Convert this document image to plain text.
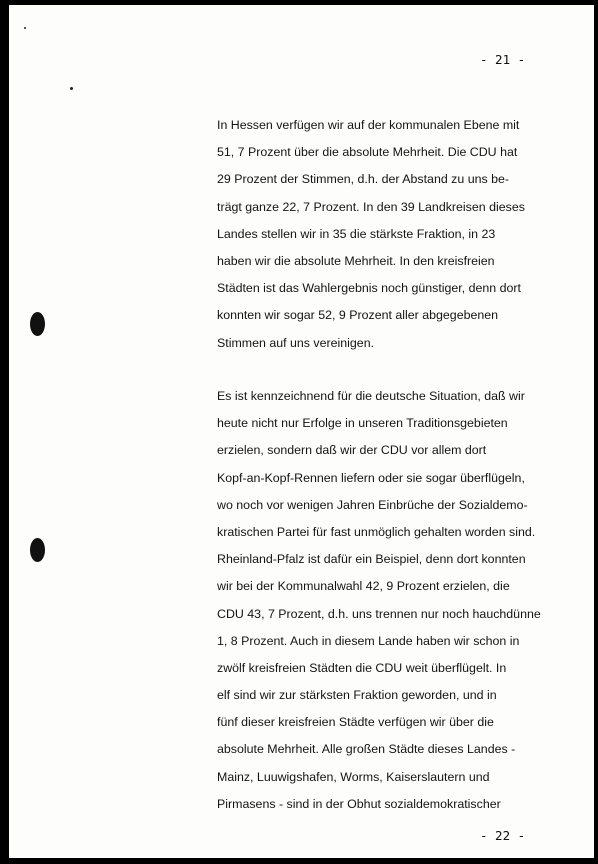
- 21 -
In Hessen verfügen wir auf der kommunalen Ebene mit
51, 7 Prozent über die absolute Mehrheit. Die CDU hat
29 Prozent der Stimmen, d.h. der Abstand zu uns be-
trägt ganze 22, 7 Prozent. In den 39 Landkreisen dieses
Landes stellen wir in 35 die stärkste Fraktion, in 23
haben wir die absolute Mehrheit. In den kreisfreien
Städten ist das Wahlergebnis noch günstiger, denn dort
konnten wir sogar 52, 9 Prozent aller abgegebenen
Stimmen auf uns vereinigen.
Es ist kennzeichnend für die deutsche Situation, daß wir
heute nicht nur Erfolge in unseren Traditionsgebieten
erzielen, sondern daß wir der CDU vor allem dort
Kopf-an-Kopf-Rennen liefern oder sie sogar überflügeln,
wo noch vor wenigen Jahren Einbrüche der Sozialdemo-
kratischen Partei für fast unmöglich gehalten worden sind.
Rheinland-Pfalz ist dafür ein Beispiel, denn dort konnten
wir bei der Kommunalwahl 42, 9 Prozent erzielen, die
CDU 43, 7 Prozent, d.h. uns trennen nur noch hauchdünne
1, 8 Prozent. Auch in diesem Lande haben wir schon in
zwölf kreisfreien Städten die CDU weit überflügelt. In
elf sind wir zur stärksten Fraktion geworden, und in
fünf dieser kreisfreien Städte verfügen wir über die
absolute Mehrheit. Alle großen Städte dieses Landes -
Mainz, Luuwigshafen, Worms, Kaiserslautern und
Pirmasens - sind in der Obhut sozialdemokratischer
- 22 -
